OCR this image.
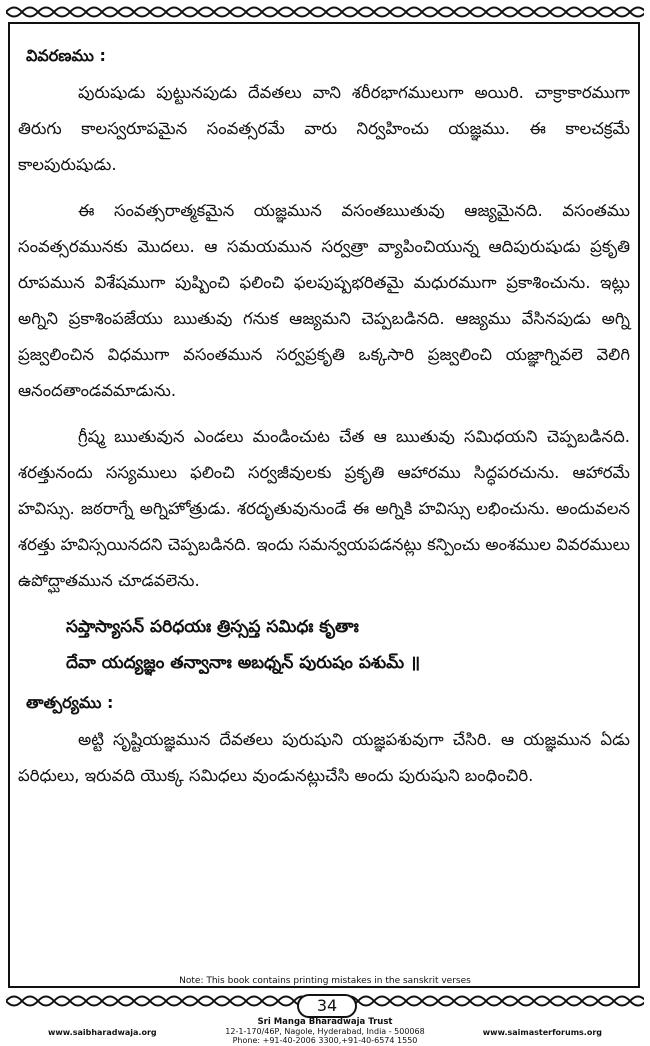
వివరణము :

పురుషుడు పుట్టునపుడు దేవతలు వాని శరీరభాగములుగా అయిరి. చాక్రాకారముగా తిరుగు కాలస్వరూపమైన సంవత్సరమే వారు నిర్వహించు యజ్ఞము. ఈ కాలచక్రమే కాలపురుషుడు.

ఈ సంవత్సరాత్మకమైన యజ్ఞమున వసంతఋతువు ఆజ్యమైనది. వసంతము సంవత్సరమునకు మొదలు. ఆ సమయమున సర్వత్రా వ్యాపించియున్న ఆదిపురుషుడు ప్రకృతి రూపమున విశేషముగా పుష్పించి ఫలించి ఫలపుష్పభరితమై మధురముగా ప్రకాశించును. ఇట్లు అగ్నిని ప్రకాశింపజేయు ఋతువు గనుక ఆజ్యమని చెప్పబడినది. ఆజ్యము వేసినపుడు అగ్ని ప్రజ్వలించిన విధముగా వసంతమున సర్వప్రకృతి ఒక్కసారి ప్రజ్వలించి యజ్ఞాగ్నివలె వెలిగి ఆనందతాండవమాడును.

గ్రీష్మ ఋతువున ఎండలు మండించుట చేత ఆ ఋతువు సమిధయని చెప్పబడినది. శరత్తునందు సస్యములు ఫలించి సర్వజీవులకు ప్రకృతి ఆహారము సిద్ధపరచును. ఆహారమే హవిస్సు. జఠరాగ్నే అగ్నిహోత్రుడు. శరదృతువునుండే ఈ అగ్నికి హవిస్సు లభించును. అందువలన శరత్తు హవిస్సయినదని చెప్పబడినది. ఇందు సమన్వయపడనట్లు కన్పించు అంశముల వివరములు ఉపోద్ఘాతమున చూడవలెను.

సప్తాస్యాసన్ పరిధయః త్రిస్సప్త సమిధః కృతాః
దేవా యద్యజ్ఞం తన్వానాః అబధ్నన్ పురుషం పశుమ్ ॥
తాత్పర్యము :

అట్టి సృష్టియజ్ఞమున దేవతలు పురుషుని యజ్ఞపశువుగా చేసిరి. ఆ యజ్ఞమున ఏడు పరిధులు, ఇరువది యొక్క సమిధలు వుండునట్లుచేసి అందు పురుషుని బంధించిరి.

Note: This book contains printing mistakes in the sanskrit verses
34
www.saibharadwaja.org
Sri Manga Bharadwaja Trust
12-1-170/46P, Nagole, Hyderabad, India - 500068
Phone: +91-40-2006 3300,+91-40-6574 1550
www.saimasterforums.org
